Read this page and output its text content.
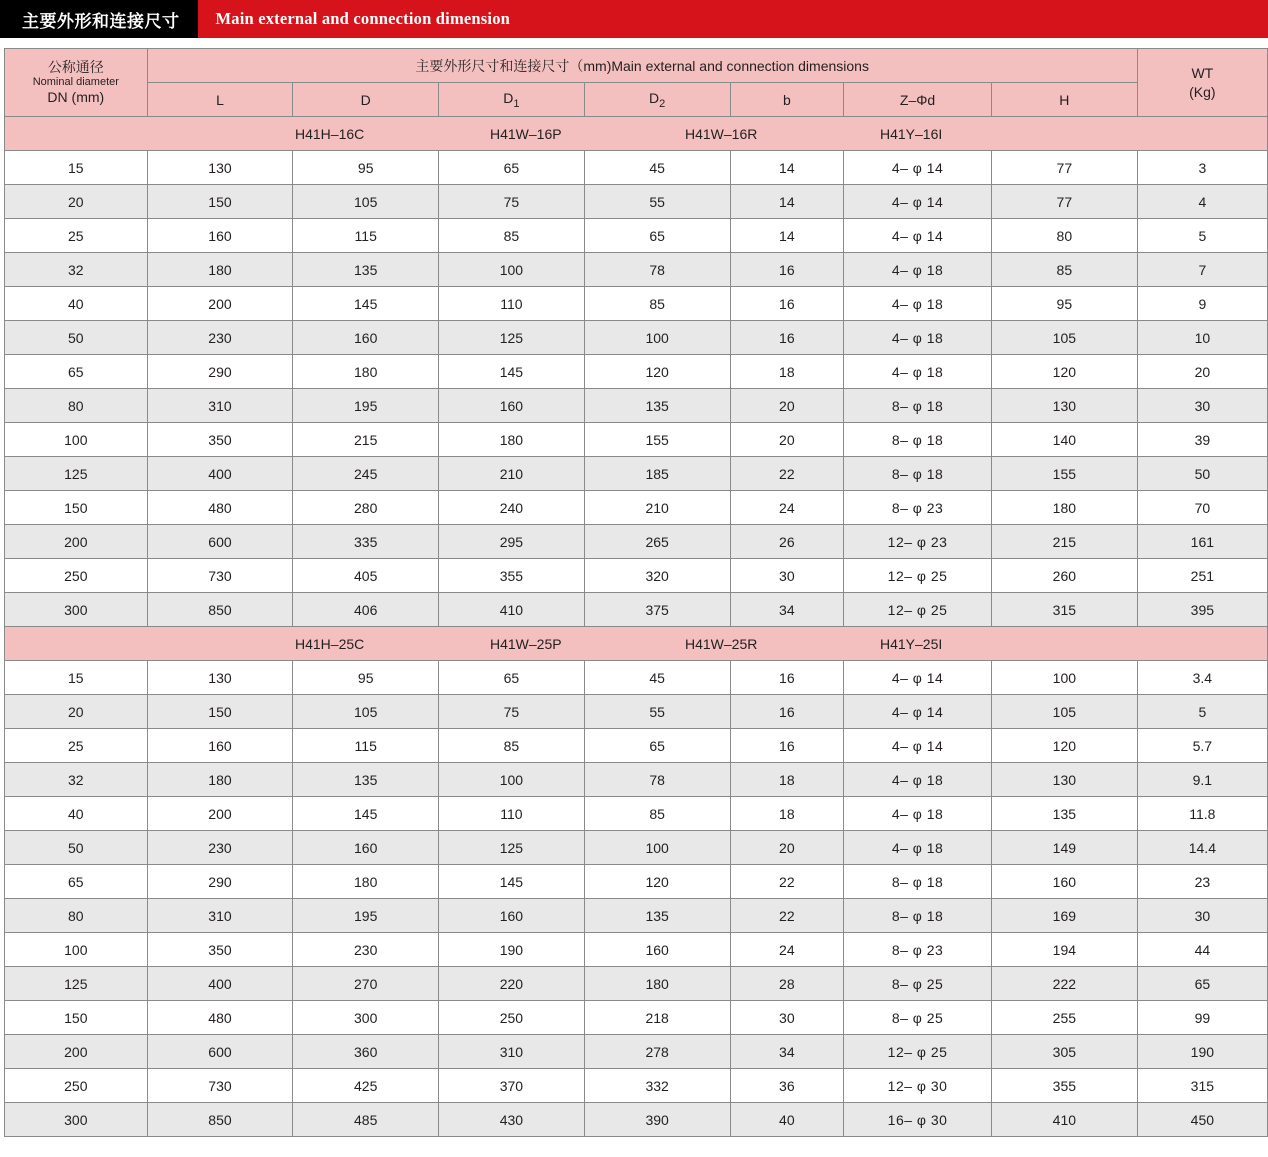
主要外形和连接尺寸	Main external and connection dimension
公称通径
Nominal diameter
DN (mm)
	主要外形尺寸和连接尺寸（mm)Main external and connection dimensions	WT
(Kg)

	L	D	$D_1$	$D_2$	b	Z–Φd	H	

H41H–16C H41W–16P H41W–16R H41Y–16I								

15	130	95	65	45	14	4– φ 14	77	3
20	150	105	75	55	14	4– φ 14	77	4
25	160	115	85	65	14	4– φ 14	80	5
32	180	135	100	78	16	4– φ 18	85	7
40	200	145	110	85	16	4– φ 18	95	9
50	230	160	125	100	16	4– φ 18	105	10
65	290	180	145	120	18	4– φ 18	120	20
80	310	195	160	135	20	8– φ 18	130	30
100	350	215	180	155	20	8– φ 18	140	39
125	400	245	210	185	22	8– φ 18	155	50
150	480	280	240	210	24	8– φ 23	180	70
200	600	335	295	265	26	12– φ 23	215	161
250	730	405	355	320	30	12– φ 25	260	251
300	850	406	410	375	34	12– φ 25	315	395

H41H–25C H41W–25P H41W–25R H41Y–25I								

15	130	95	65	45	16	4– φ 14	100	3.4
20	150	105	75	55	16	4– φ 14	105	5
25	160	115	85	65	16	4– φ 14	120	5.7
32	180	135	100	78	18	4– φ 18	130	9.1
40	200	145	110	85	18	4– φ 18	135	11.8
50	230	160	125	100	20	4– φ 18	149	14.4
65	290	180	145	120	22	8– φ 18	160	23
80	310	195	160	135	22	8– φ 18	169	30
100	350	230	190	160	24	8– φ 23	194	44
125	400	270	220	180	28	8– φ 25	222	65
150	480	300	250	218	30	8– φ 25	255	99
200	600	360	310	278	34	12– φ 25	305	190
250	730	425	370	332	36	12– φ 30	355	315
300	850	485	430	390	40	16– φ 30	410	450
